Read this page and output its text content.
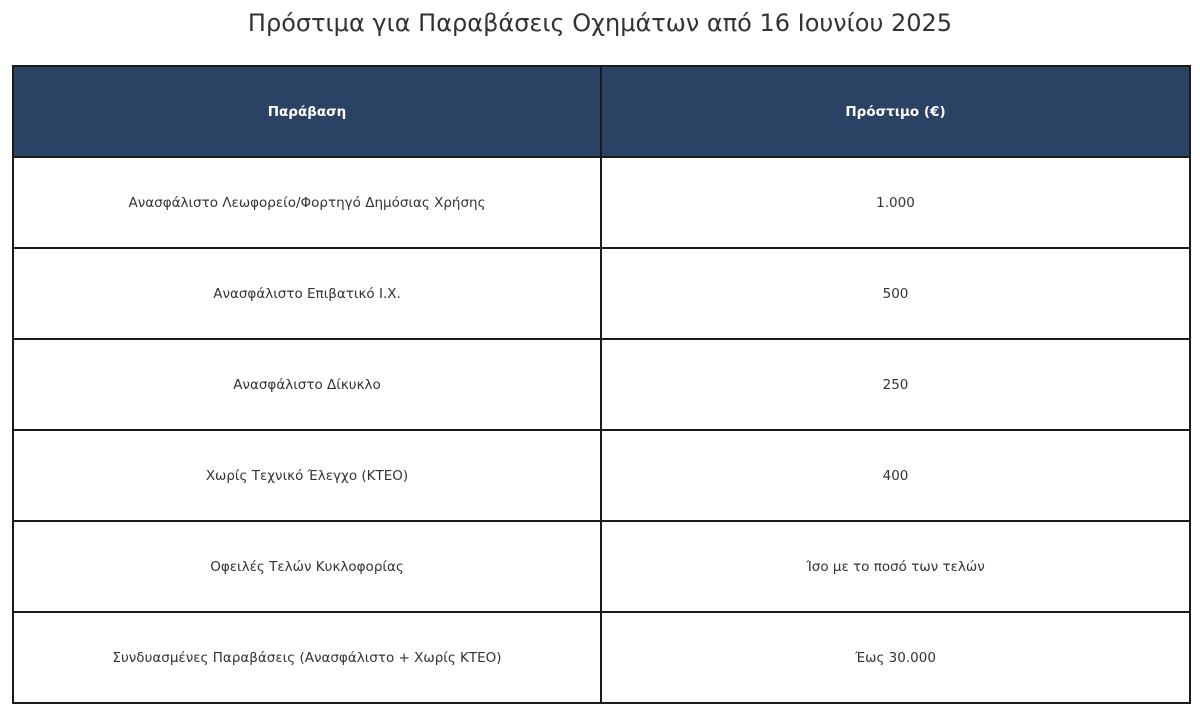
Πρόστιμα για Παραβάσεις Οχημάτων από 16 Ιουνίου 2025
Παράβαση	Πρόστιμο (€)
Ανασφάλιστο Λεωφορείο/Φορτηγό Δημόσιας Χρήσης	1.000
Ανασφάλιστο Επιβατικό Ι.Χ.	500
Ανασφάλιστο Δίκυκλο	250
Χωρίς Τεχνικό Έλεγχο (ΚΤΕΟ)	400
Οφειλές Τελών Κυκλοφορίας	Ίσο με το ποσό των τελών
Συνδυασμένες Παραβάσεις (Ανασφάλιστο + Χωρίς ΚΤΕΟ)	Έως 30.000
